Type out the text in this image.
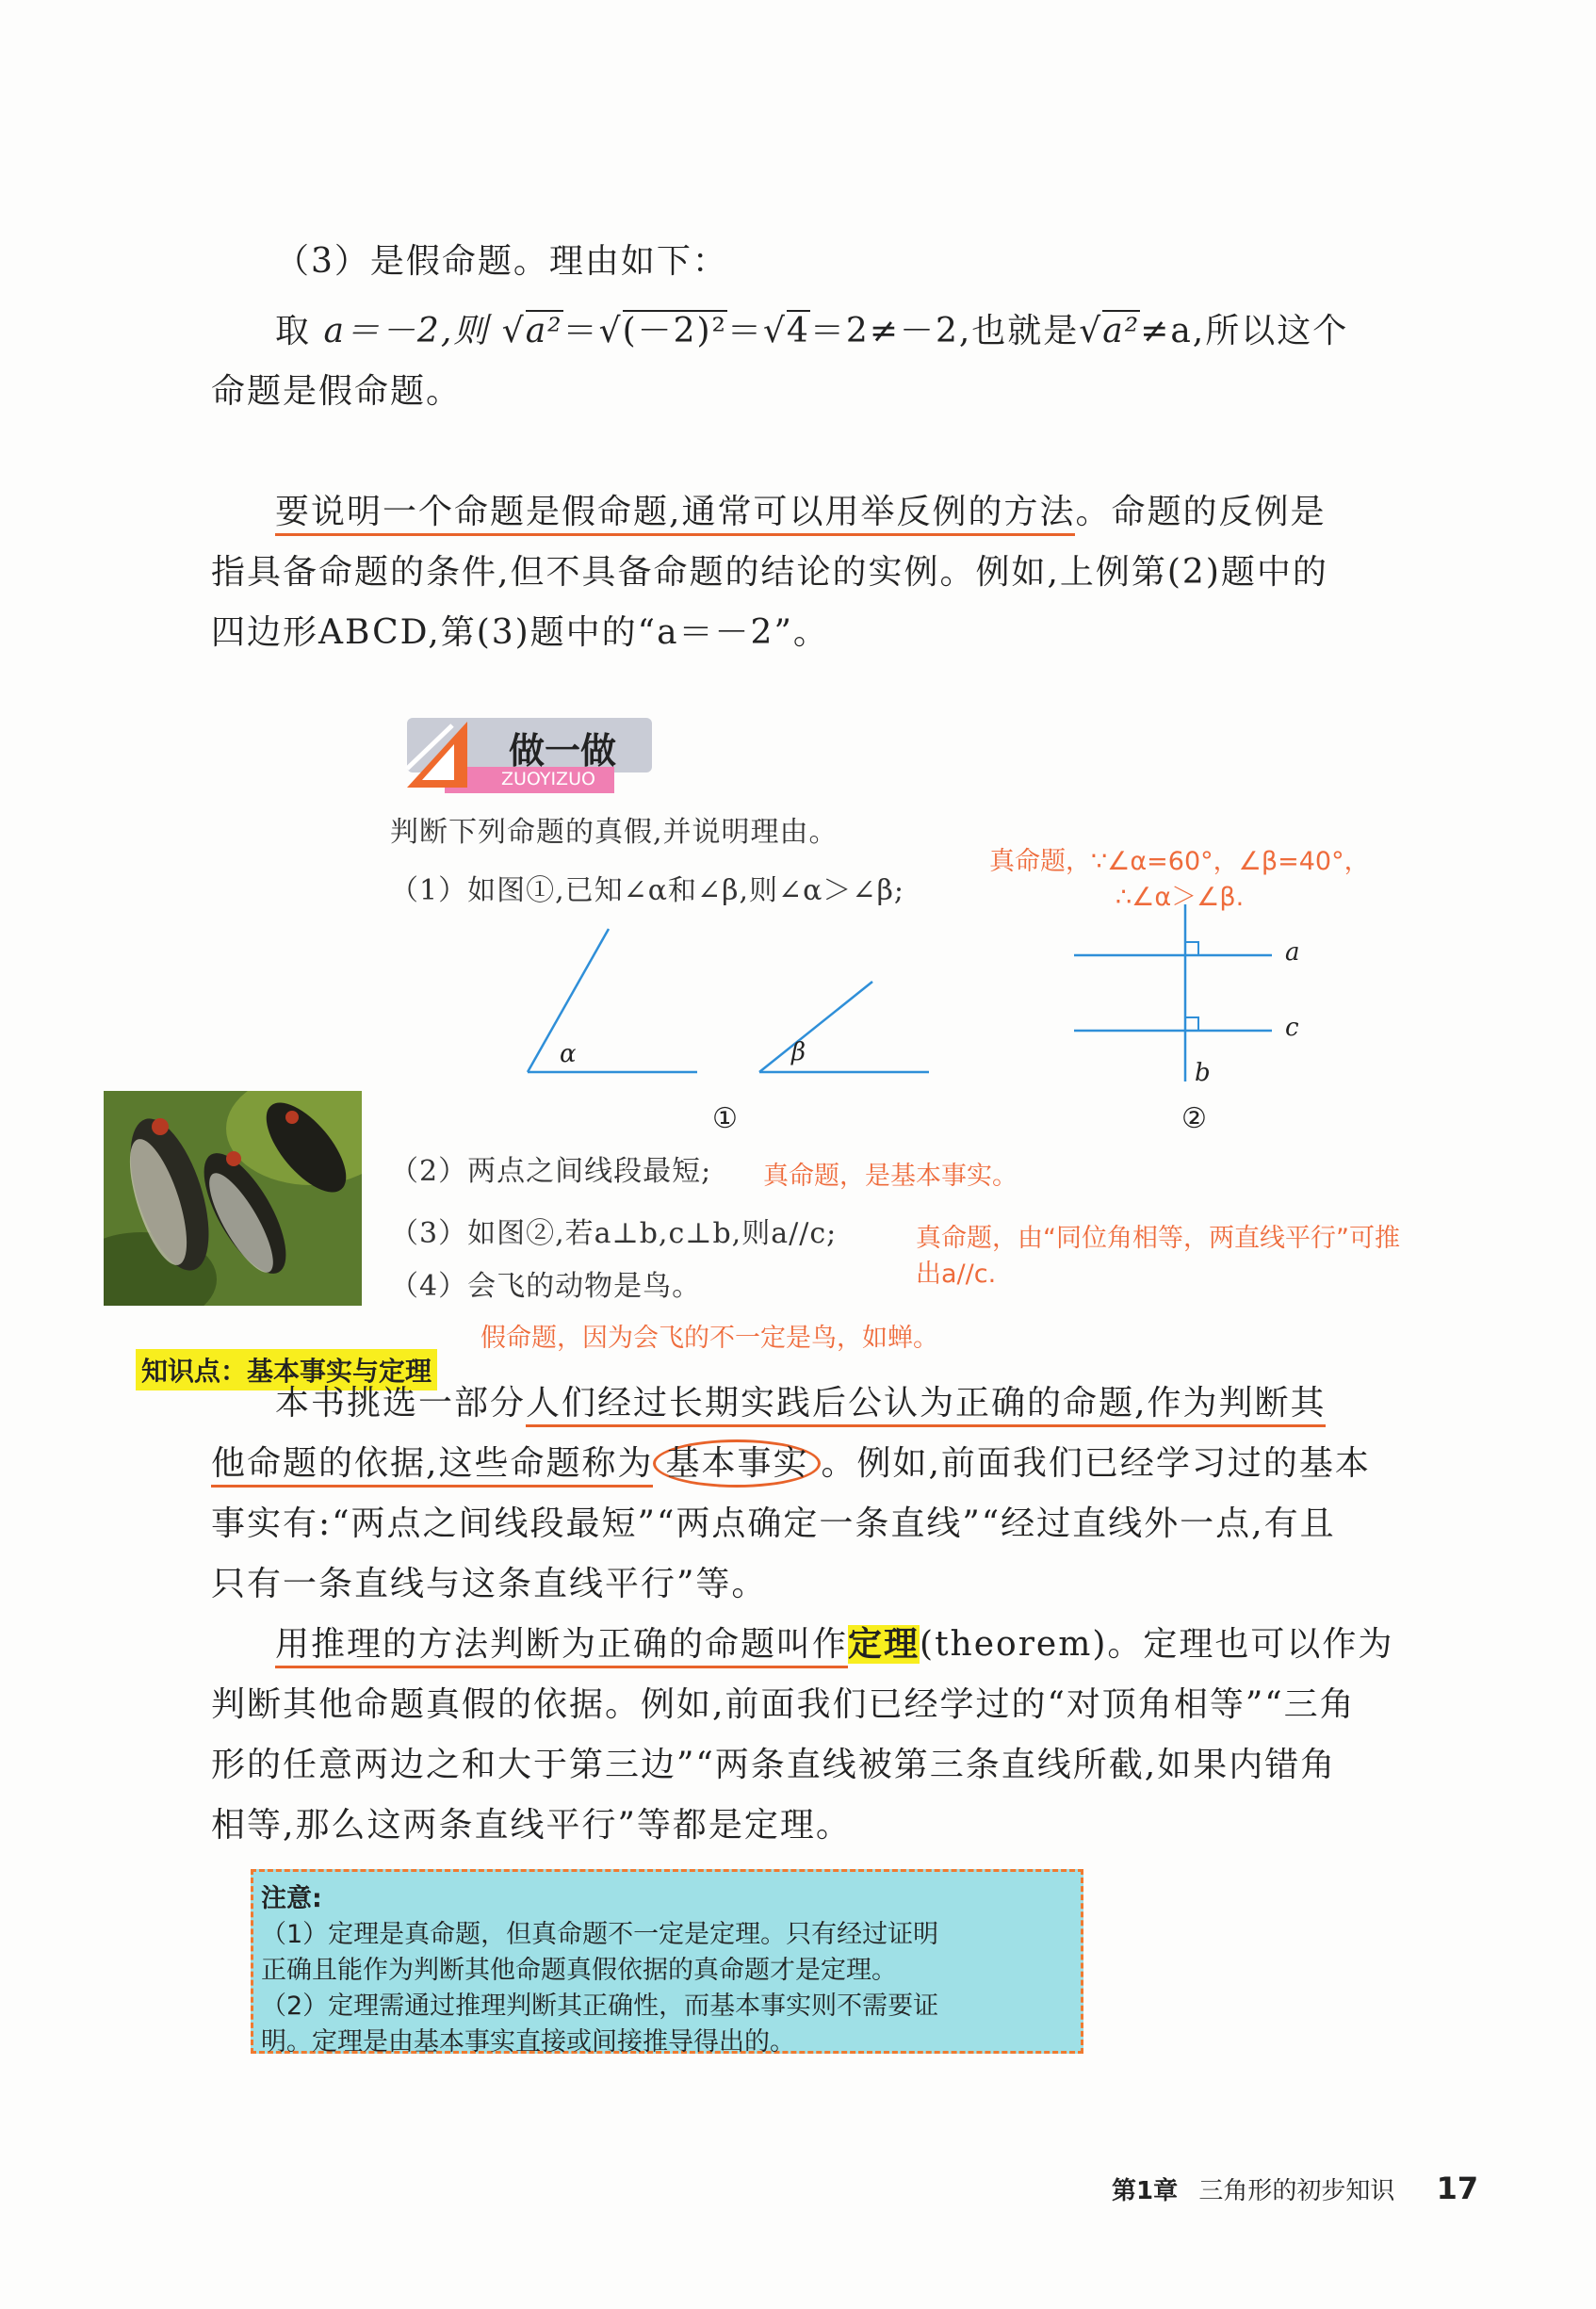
（3）是假命题。理由如下：
取 a＝－2,则 √a²＝√(－2)²＝√4＝2≠－2,也就是√a²≠a,所以这个
命题是假命题。
要说明一个命题是假命题,通常可以用举反例的方法。命题的反例是
指具备命题的条件,但不具备命题的结论的实例。例如,上例第(2)题中的
四边形ABCD,第(3)题中的“a＝－2”。
做一做
ZUOYIZUO
判断下列命题的真假,并说明理由。
（1）如图①,已知∠α和∠β,则∠α＞∠β;
真命题，∵∠α=60°，∠β=40°，
∴∠α＞∠β.
α	β
①
a
c
b
②
（2）两点之间线段最短; 真命题，是基本事实。
（3）如图②,若a⊥b,c⊥b,则a//c;	真命题，由“同位角相等，两直线平行”可推
出a//c.
（4）会飞的动物是鸟。
假命题，因为会飞的不一定是鸟，如蝉。
知识点：基本事实与定理
本书挑选一部分人们经过长期实践后公认为正确的命题,作为判断其
他命题的依据,这些命题称为 基本事实 。例如,前面我们已经学习过的基本
事实有:“两点之间线段最短”“两点确定一条直线”“经过直线外一点,有且
只有一条直线与这条直线平行”等。
用推理的方法判断为正确的命题叫作定理(theorem)。定理也可以作为
判断其他命题真假的依据。例如,前面我们已经学过的“对顶角相等”“三角
形的任意两边之和大于第三边”“两条直线被第三条直线所截,如果内错角
相等,那么这两条直线平行”等都是定理。
注意:
（1）定理是真命题，但真命题不一定是定理。只有经过证明
正确且能作为判断其他命题真假依据的真命题才是定理。
（2）定理需通过推理判断其正确性，而基本事实则不需要证
明。定理是由基本事实直接或间接推导得出的。
第1章 三角形的初步知识 17
